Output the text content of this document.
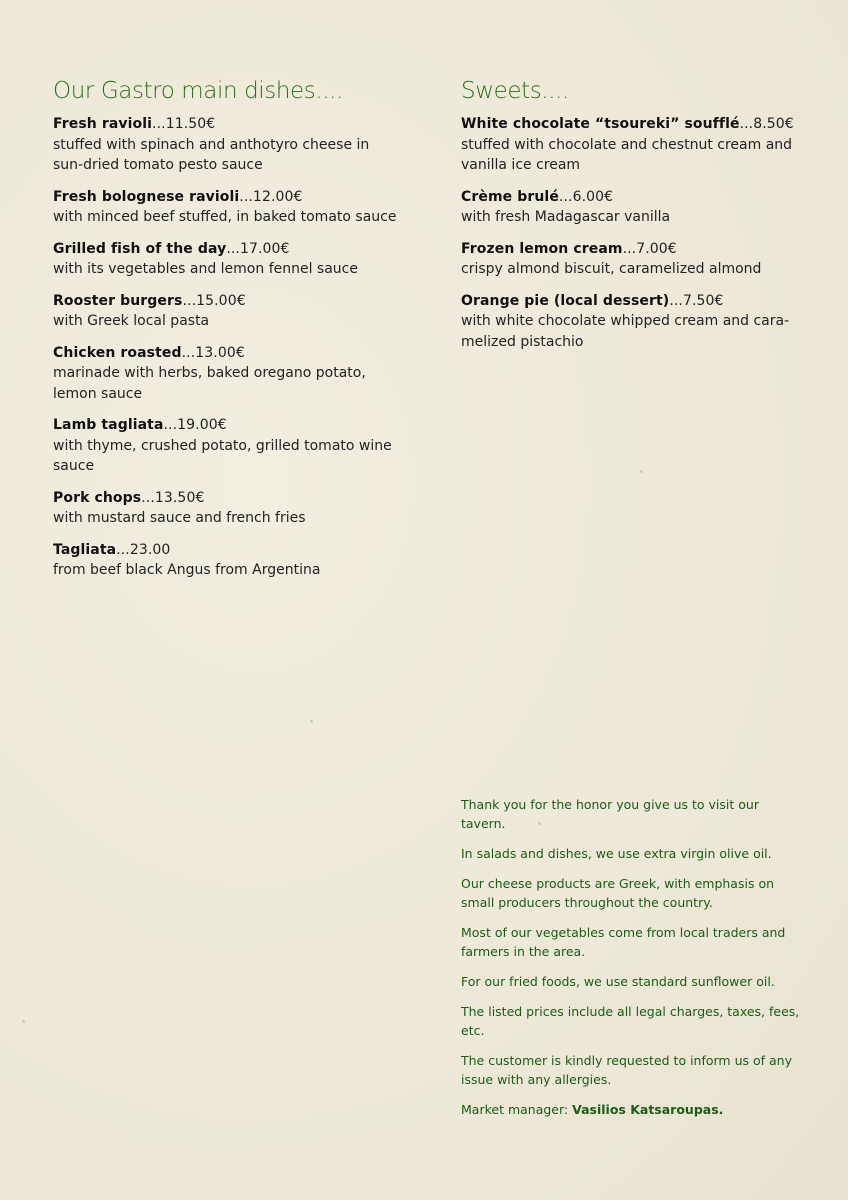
Our Gastro main dishes....
Fresh ravioli...11.50€
stuffed with spinach and anthotyro cheese in sun-dried tomato pesto sauce
Fresh bolognese ravioli...12.00€
with minced beef stuffed, in baked tomato sauce
Grilled fish of the day...17.00€
with its vegetables and lemon fennel sauce
Rooster burgers...15.00€
with Greek local pasta
Chicken roasted...13.00€
marinade with herbs, baked oregano potato, lemon sauce
Lamb tagliata...19.00€
with thyme, crushed potato, grilled tomato wine sauce
Pork chops...13.50€
with mustard sauce and french fries
Tagliata...23.00
from beef black Angus from Argentina
Sweets....
White chocolate “tsoureki” soufflé...8.50€
stuffed with chocolate and chestnut cream and vanilla ice cream
Crème brulé...6.00€
with fresh Madagascar vanilla
Frozen lemon cream...7.00€
crispy almond biscuit, caramelized almond
Orange pie (local dessert)...7.50€
with white chocolate whipped cream and cara-melized pistachio

Thank you for the honor you give us to visit our tavern.

In salads and dishes, we use extra virgin olive oil.

Our cheese products are Greek, with emphasis on small producers throughout the country.

Most of our vegetables come from local traders and farmers in the area.

For our fried foods, we use standard sunflower oil.

The listed prices include all legal charges, taxes, fees, etc.

The customer is kindly requested to inform us of any issue with any allergies.

Market manager: Vasilios Katsaroupas.
